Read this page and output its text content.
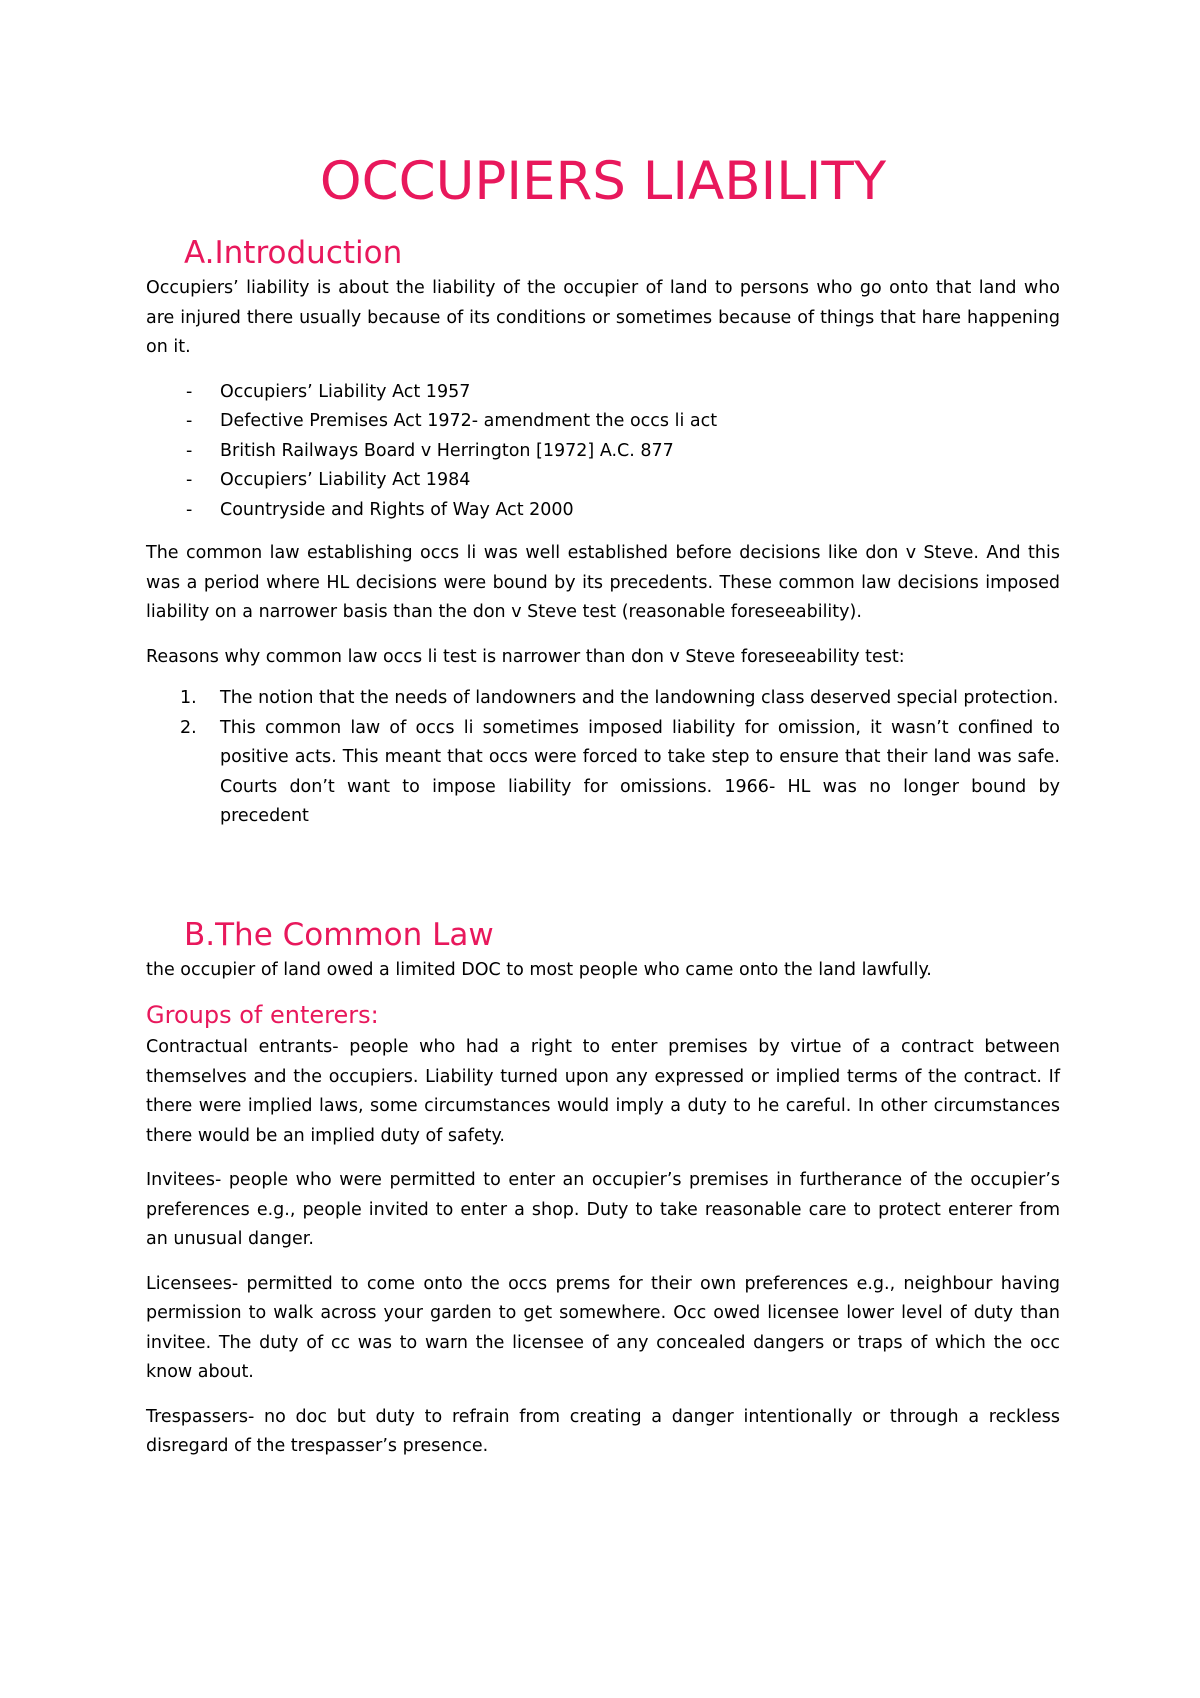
OCCUPIERS LIABILITY
A.Introduction

Occupiers’ liability is about the liability of the occupier of land to persons who go onto that land who are injured there usually because of its conditions or sometimes because of things that hare happening on it.

- Occupiers’ Liability Act 1957
- Defective Premises Act 1972- amendment the occs li act
- British Railways Board v Herrington [1972] A.C. 877
- Occupiers’ Liability Act 1984
- Countryside and Rights of Way Act 2000

The common law establishing occs li was well established before decisions like don v Steve. And this was a period where HL decisions were bound by its precedents. These common law decisions imposed liability on a narrower basis than the don v Steve test (reasonable foreseeability).

Reasons why common law occs li test is narrower than don v Steve foreseeability test:

1. The notion that the needs of landowners and the landowning class deserved special protection.
2. This common law of occs li sometimes imposed liability for omission, it wasn’t confined to positive acts. This meant that occs were forced to take step to ensure that their land was safe. Courts don’t want to impose liability for omissions. 1966- HL was no longer bound by precedent
B.The Common Law

the occupier of land owed a limited DOC to most people who came onto the land lawfully.

Groups of enterers:

Contractual entrants- people who had a right to enter premises by virtue of a contract between themselves and the occupiers. Liability turned upon any expressed or implied terms of the contract. If there were implied laws, some circumstances would imply a duty to he careful. In other circumstances there would be an implied duty of safety.

Invitees- people who were permitted to enter an occupier’s premises in furtherance of the occupier’s preferences e.g., people invited to enter a shop. Duty to take reasonable care to protect enterer from an unusual danger.

Licensees- permitted to come onto the occs prems for their own preferences e.g., neighbour having permission to walk across your garden to get somewhere. Occ owed licensee lower level of duty than invitee. The duty of cc was to warn the licensee of any concealed dangers or traps of which the occ know about.

Trespassers- no doc but duty to refrain from creating a danger intentionally or through a reckless disregard of the trespasser’s presence.
